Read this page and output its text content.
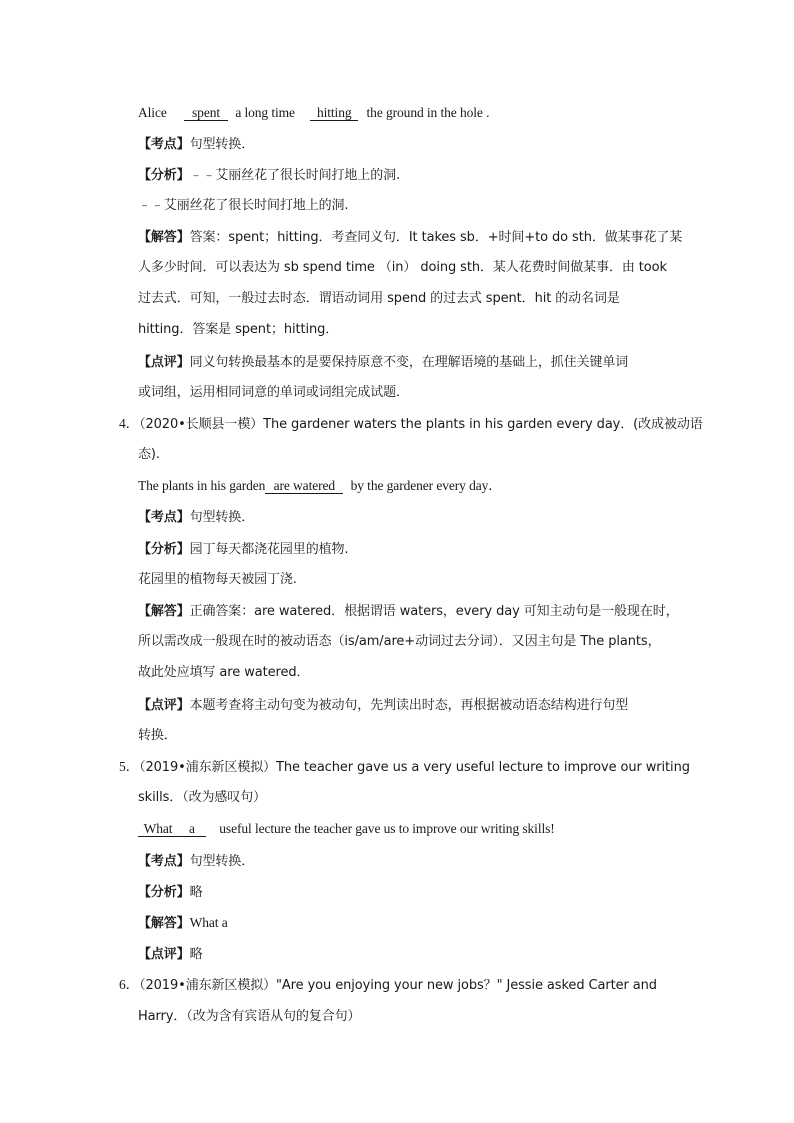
Alice spent a long time hitting the ground in the hole .
【考点】句型转换．
【分析】﹣﹣艾丽丝花了很长时间打地上的洞.
﹣﹣艾丽丝花了很长时间打地上的洞.
【解答】答案：spent；hitting．考查同义句．It takes sb．+时间+to do sth．做某事花了某
人多少时间．可以表达为 sb spend time （in） doing sth．某人花费时间做某事．由 took
过去式．可知，一般过去时态．谓语动词用 spend 的过去式 spent．hit 的动名词是
hitting．答案是 spent；hitting．
【点评】同义句转换最基本的是要保持原意不变，在理解语境的基础上，抓住关键单词
或词组，运用相同词意的单词或词组完成试题．
4．（2020•长顺县一模）The gardener waters the plants in his garden every day．(改成被动语
态).
The plants in his garden are watered by the gardener every day．
【考点】句型转换．
【分析】园丁每天都浇花园里的植物.
花园里的植物每天被园丁浇.
【解答】正确答案：are watered．根据谓语 waters，every day 可知主动句是一般现在时，
所以需改成一般现在时的被动语态（is/am/are+动词过去分词）．又因主句是 The plants，
故此处应填写 are watered．
【点评】本题考查将主动句变为被动句，先判读出时态，再根据被动语态结构进行句型
转换．
5．（2019•浦东新区模拟）The teacher gave us a very useful lecture to improve our writing
skills．（改为感叹句）
What a useful lecture the teacher gave us to improve our writing skills!
【考点】句型转换．
【分析】略
【解答】What a
【点评】略
6．（2019•浦东新区模拟）"Are you enjoying your new jobs？" Jessie asked Carter and
Harry．（改为含有宾语从句的复合句）
